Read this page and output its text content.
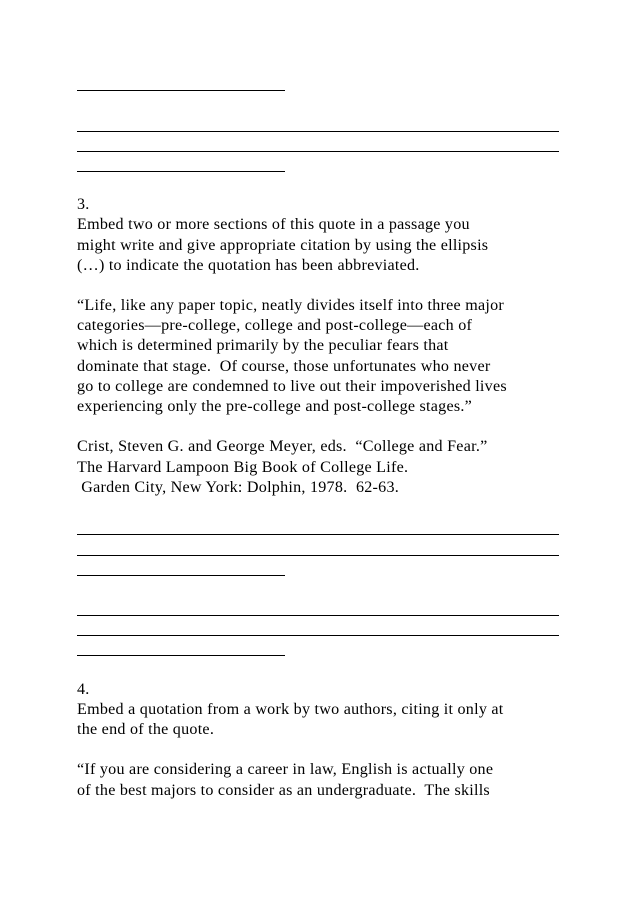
3.
Embed two or more sections of this quote in a passage you
might write and give appropriate citation by using the ellipsis
(…) to indicate the quotation has been abbreviated.
“Life, like any paper topic, neatly divides itself into three major
categories—pre-college, college and post-college—each of
which is determined primarily by the peculiar fears that
dominate that stage.  Of course, those unfortunates who never
go to college are condemned to live out their impoverished lives
experiencing only the pre-college and post-college stages.”
Crist, Steven G. and George Meyer, eds.  “College and Fear.”
The Harvard Lampoon Big Book of College Life.
Garden City, New York: Dolphin, 1978.  62-63.
4.
Embed a quotation from a work by two authors, citing it only at
the end of the quote.
“If you are considering a career in law, English is actually one
of the best majors to consider as an undergraduate.  The skills
